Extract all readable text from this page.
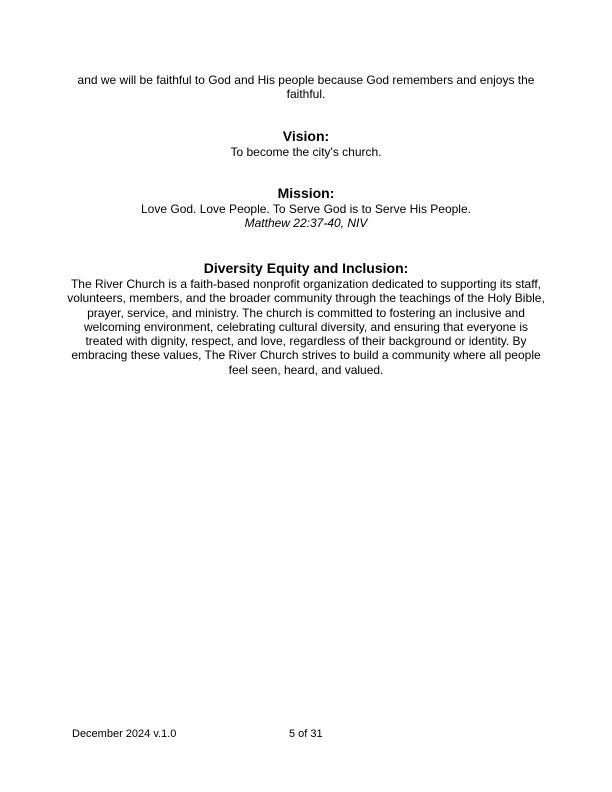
and we will be faithful to God and His people because God remembers and enjoys the faithful.

Vision:

To become the city's church.

Mission:

Love God. Love People. To Serve God is to Serve His People.

Matthew 22:37-40, NIV

Diversity Equity and Inclusion:

The River Church is a faith-based nonprofit organization dedicated to supporting its staff, volunteers, members, and the broader community through the teachings of the Holy Bible, prayer, service, and ministry. The church is committed to fostering an inclusive and welcoming environment, celebrating cultural diversity, and ensuring that everyone is treated with dignity, respect, and love, regardless of their background or identity. By embracing these values, The River Church strives to build a community where all people feel seen, heard, and valued.

December 2024 v.1.0	5 of 31
